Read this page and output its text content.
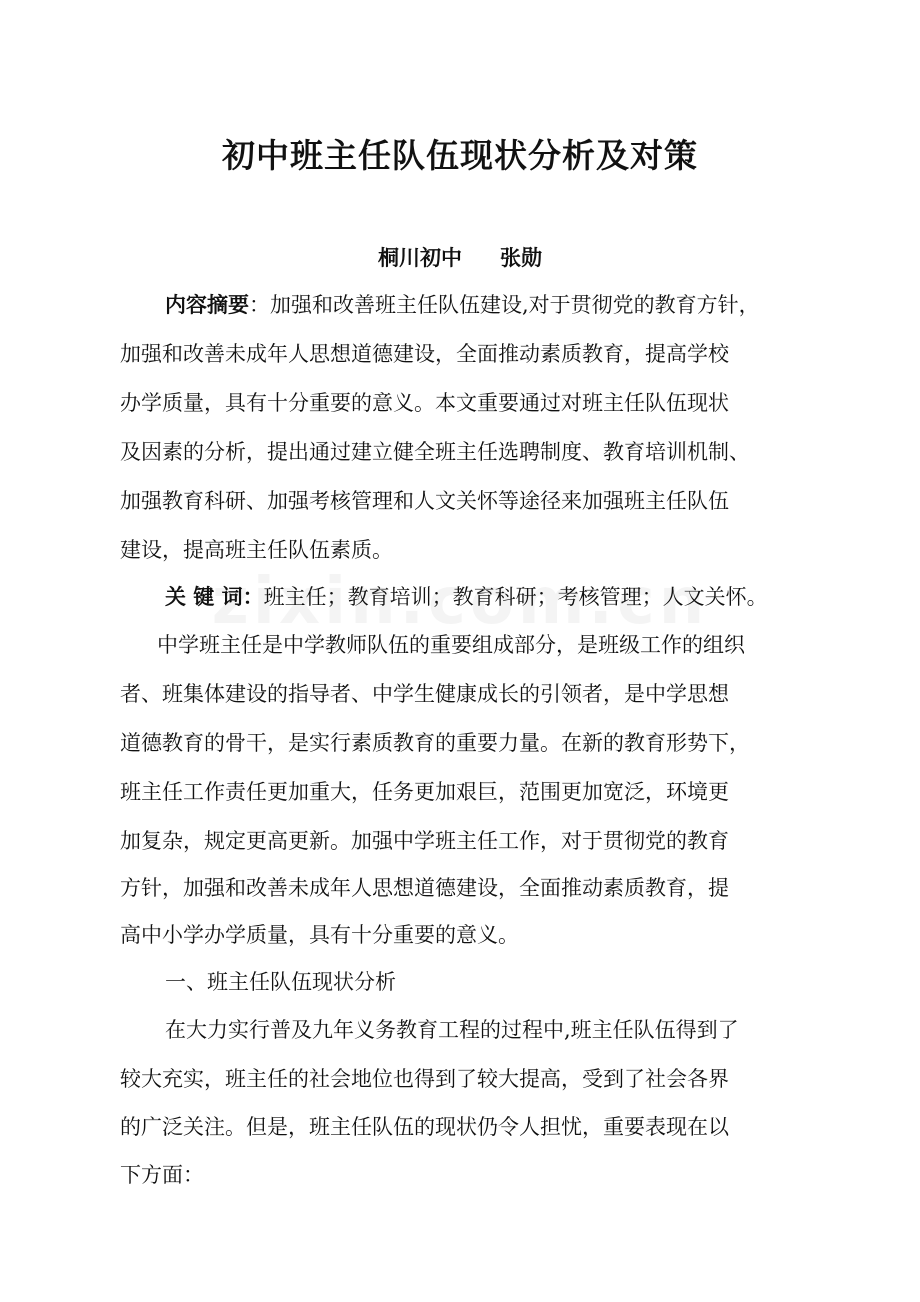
初中班主任队伍现状分析及对策
桐川初中 张勋
内容摘要：加强和改善班主任队伍建设,对于贯彻党的教育方针，
加强和改善未成年人思想道德建设，全面推动素质教育，提高学校
办学质量，具有十分重要的意义。本文重要通过对班主任队伍现状
及因素的分析，提出通过建立健全班主任选聘制度、教育培训机制、
加强教育科研、加强考核管理和人文关怀等途径来加强班主任队伍
建设，提高班主任队伍素质。
关 键 词：班主任；教育培训；教育科研；考核管理；人文关怀。
中学班主任是中学教师队伍的重要组成部分，是班级工作的组织
者、班集体建设的指导者、中学生健康成长的引领者，是中学思想
道德教育的骨干，是实行素质教育的重要力量。在新的教育形势下，
班主任工作责任更加重大，任务更加艰巨，范围更加宽泛，环境更
加复杂，规定更高更新。加强中学班主任工作，对于贯彻党的教育
方针，加强和改善未成年人思想道德建设，全面推动素质教育，提
高中小学办学质量，具有十分重要的意义。
一、班主任队伍现状分析
在大力实行普及九年义务教育工程的过程中,班主任队伍得到了
较大充实，班主任的社会地位也得到了较大提高，受到了社会各界
的广泛关注。但是，班主任队伍的现状仍令人担忧，重要表现在以
下方面：
